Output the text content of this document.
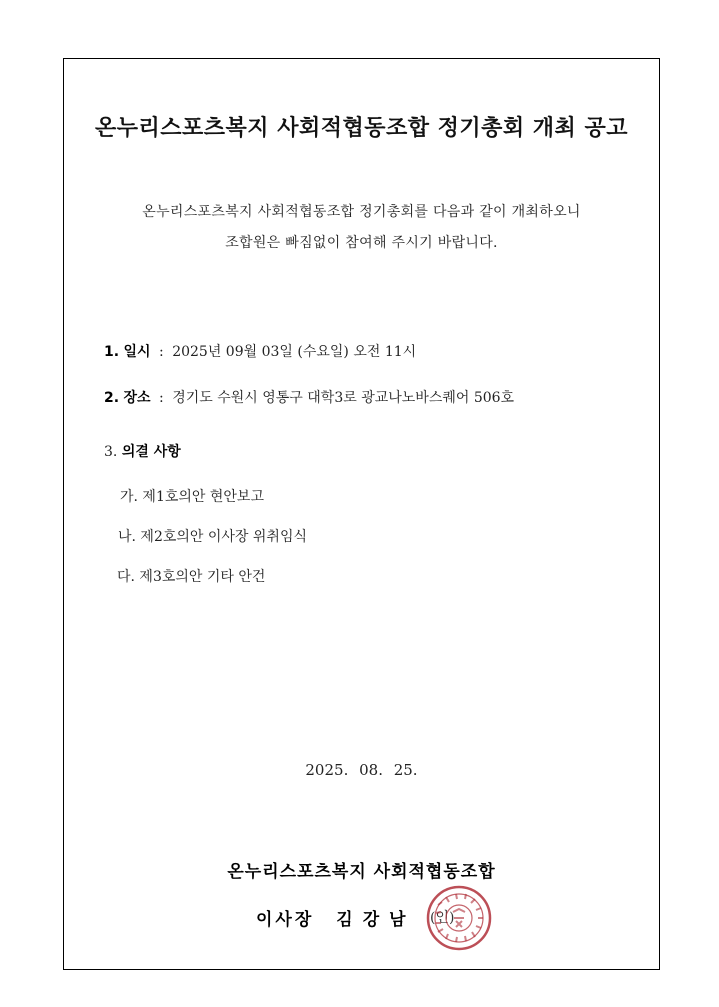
온누리스포츠복지 사회적협동조합 정기총회 개최 공고
온누리스포츠복지 사회적협동조합 정기총회를 다음과 같이 개최하오니
조합원은 빠짐없이 참여해 주시기 바랍니다.
1. 일시 : 2025년 09월 03일 (수요일) 오전 11시
2. 장소 : 경기도 수원시 영통구 대학3로 광교나노바스퀘어 506호
3. 의결 사항
가. 제1호의안 현안보고
나. 제2호의안 이사장 위취임식
다. 제3호의안 기타 안건
2025. 08. 25.
온누리스포츠복지 사회적협동조합
이사장 김강남 (인)
